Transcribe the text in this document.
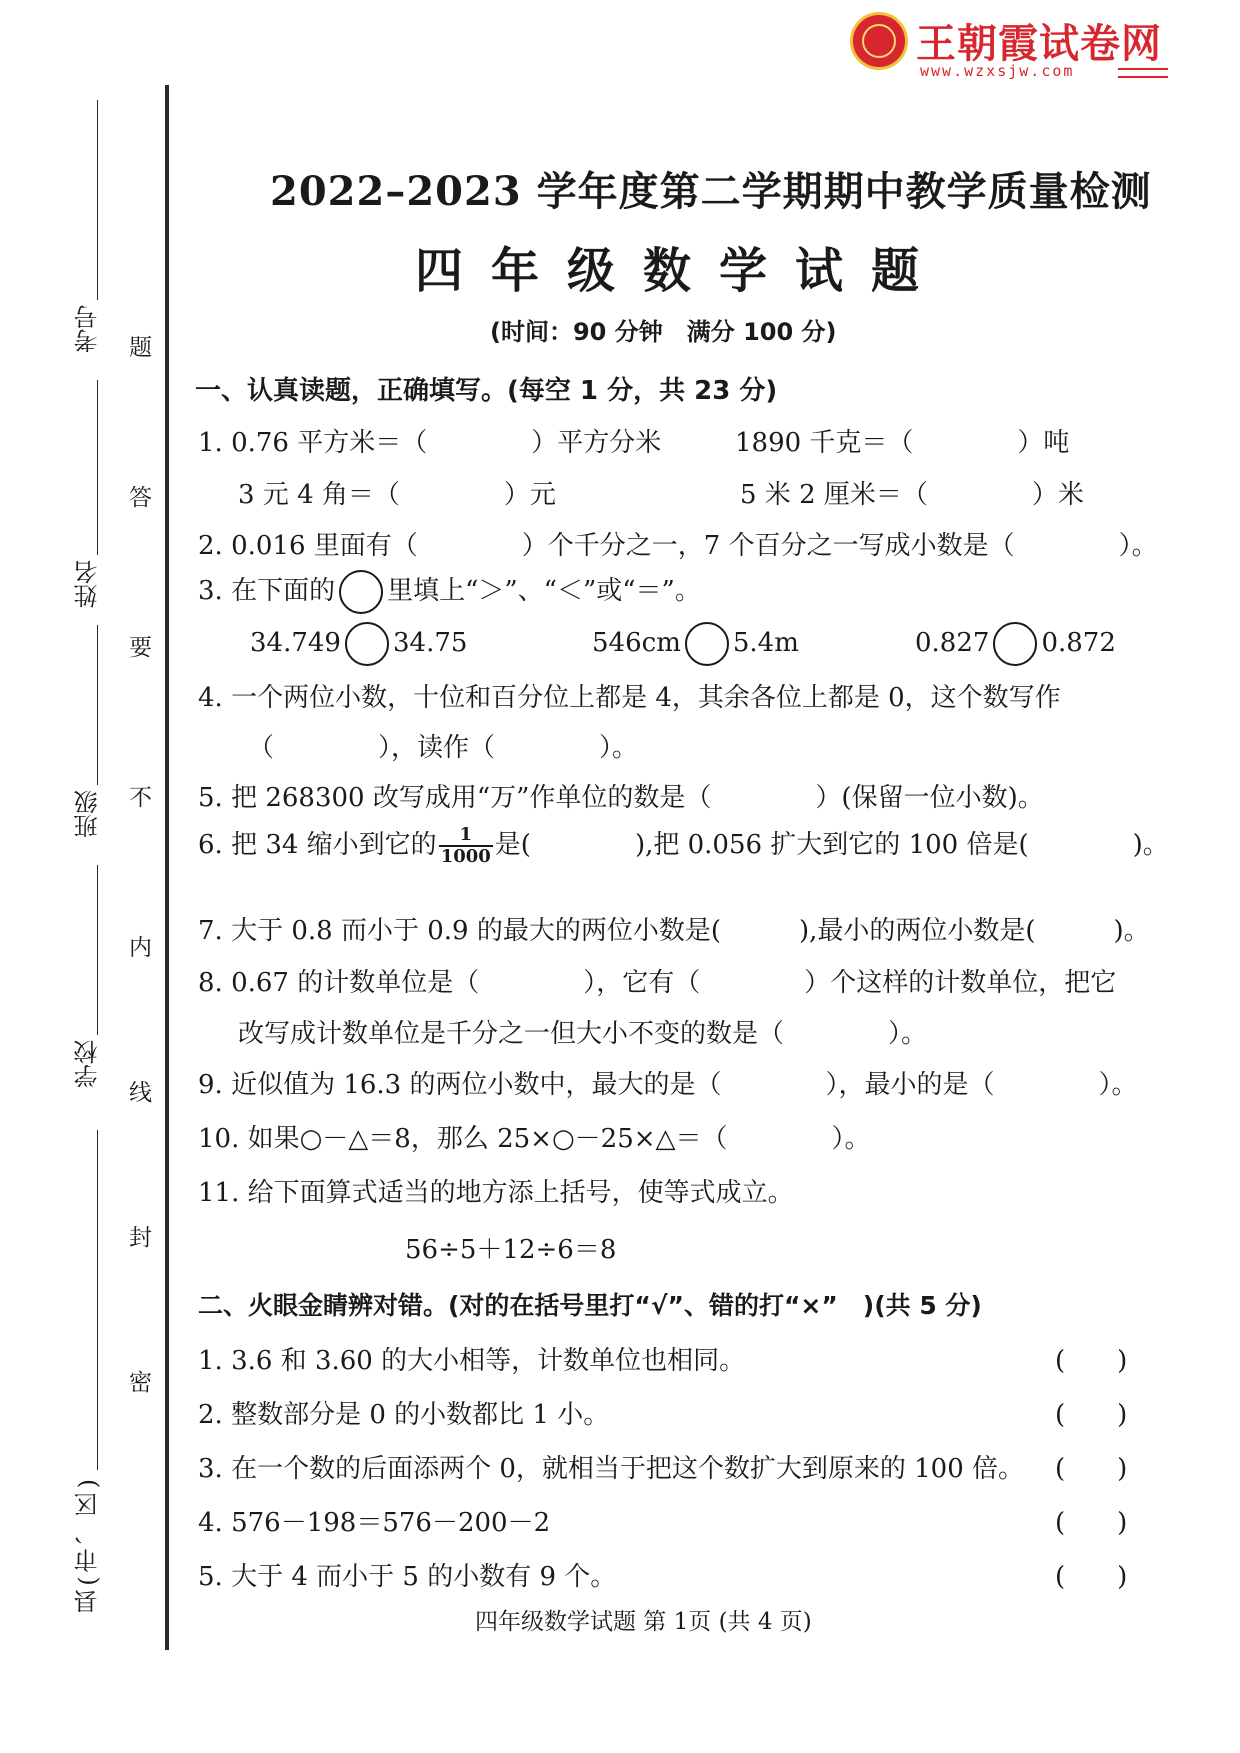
王朝霞试卷网
www.wzxsjw.com
考号
姓名
班级
学校
县(市、区)
题
答
要
不
内
线
封
密
2022–2023 学年度第二学期期中教学质量检测
四年级数学试题
(时间：90 分钟　满分 100 分)
一、认真读题，正确填写。(每空 1 分，共 23 分)
1. 0.76 平方米＝（　　　　）平方分米	1890 千克＝（　　　　）吨
3 元 4 角＝（　　　　）元	5 米 2 厘米＝（　　　　）米
2. 0.016 里面有（　　　　）个千分之一，7 个百分之一写成小数是（　　　　）。
3. 在下面的 里填上“＞”、“＜”或“＝”。
34.749 34.75	546cm 5.4m	0.827 0.872
4. 一个两位小数，十位和百分位上都是 4，其余各位上都是 0，这个数写作
（　　　　），读作（　　　　）。
5. 把 268300 改写成用“万”作单位的数是（　　　　）(保留一位小数)。
6. 把 34 缩小到它的 $\frac{1}{1000}$ 是(　　　　),把 0.056 扩大到它的 100 倍是(　　　　)。
7. 大于 0.8 而小于 0.9 的最大的两位小数是(　　　),最小的两位小数是(　　　)。
8. 0.67 的计数单位是（　　　　），它有（　　　　）个这样的计数单位，把它
改写成计数单位是千分之一但大小不变的数是（　　　　）。
9. 近似值为 16.3 的两位小数中，最大的是（　　　　），最小的是（　　　　）。
10. 如果○－△＝8，那么 25×○－25×△＝（　　　　）。
11. 给下面算式适当的地方添上括号，使等式成立。
56÷5＋12÷6＝8
二、火眼金睛辨对错。(对的在括号里打“√”、错的打“×”　)(共 5 分)
1. 3.6 和 3.60 的大小相等，计数单位也相同。	(　　)
2. 整数部分是 0 的小数都比 1 小。	(　　)
3. 在一个数的后面添两个 0，就相当于把这个数扩大到原来的 100 倍。 (　　)
4. 576－198＝576－200－2	(　　)
5. 大于 4 而小于 5 的小数有 9 个。	(　　)
四年级数学试题 第 1页 (共 4 页)
